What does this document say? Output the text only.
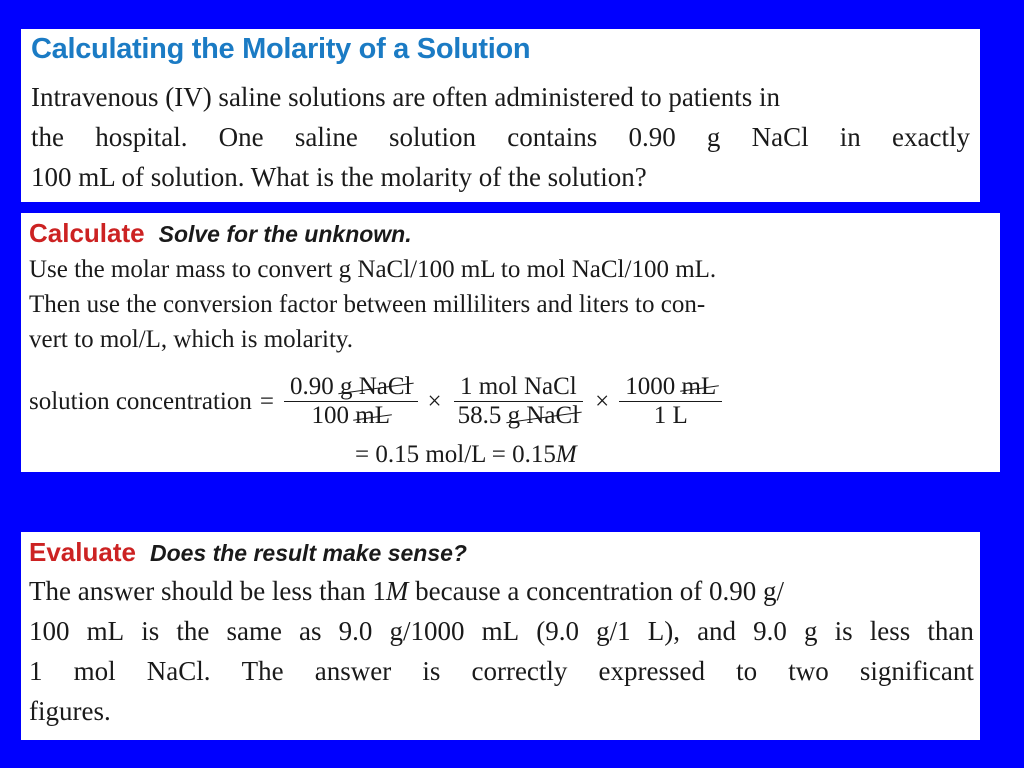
Calculating the Molarity of a Solution
Intravenous (IV) saline solutions are often administered to patients in
the hospital. One saline solution contains 0.90 g NaCl in exactly
100 mL of solution. What is the molarity of the solution?
Calculate Solve for the unknown.
Use the molar mass to convert g NaCl/100 mL to mol NaCl/100 mL.
Then use the conversion factor between milliliters and liters to con-
vert to mol/L, which is molarity.
solution concentration = $\frac{\text{0.90 g NaCl}}{100 mL} \times \frac{\text{1 mol NaCl}}{\text{58.5 g NaCl}} \times \frac{1000 mL}{1 L}$
= 0.15 mol/L = 0.15M
Evaluate Does the result make sense?
The answer should be less than 1M because a concentration of 0.90 g/
100 mL is the same as 9.0 g/1000 mL (9.0 g/1 L), and 9.0 g is less than
1 mol NaCl. The answer is correctly expressed to two significant
figures.
